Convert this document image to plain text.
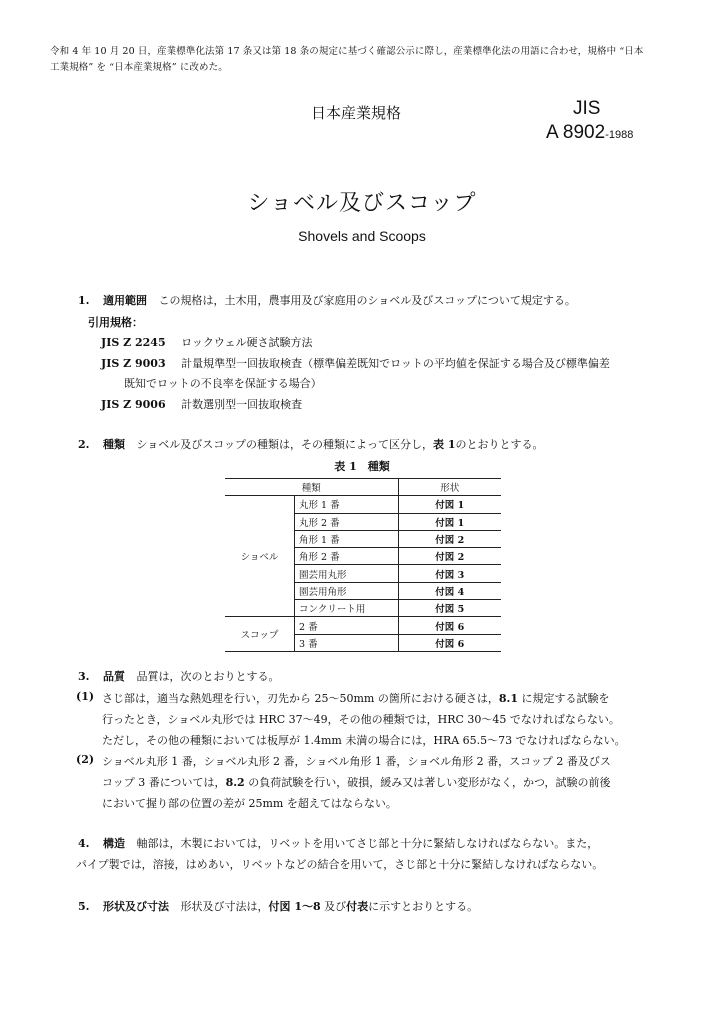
令和 4 年 10 月 20 日，産業標準化法第 17 条又は第 18 条の規定に基づく確認公示に際し，産業標準化法の用語に合わせ，規格中 “日本
工業規格” を “日本産業規格” に改めた。
日本産業規格	JIS
A 8902-1988
ショベル及びスコップ
Shovels and Scoops
1. 適用範囲 この規格は，土木用，農事用及び家庭用のショベル及びスコップについて規定する。
引用規格：
JIS Z 2245 ロックウェル硬さ試験方法
JIS Z 9003 計量規準型一回抜取検査（標準偏差既知でロットの平均値を保証する場合及び標準偏差
既知でロットの不良率を保証する場合）
JIS Z 9006 計数選別型一回抜取検査
2. 種類 ショベル及びスコップの種類は，その種類によって区分し，表 1のとおりとする。
表 1　種類
種類		形状
ショベル	丸形 1 番	付図 1
	丸形 2 番	付図 1
	角形 1 番	付図 2
	角形 2 番	付図 2
	園芸用丸形	付図 3
	園芸用角形	付図 4
	コンクリート用	付図 5
スコップ	2 番	付図 6
	3 番	付図 6
3. 品質 品質は，次のとおりとする。
(1) さじ部は，適当な熱処理を行い，刃先から 25～50mm の箇所における硬さは，8.1 に規定する試験を
行ったとき，ショベル丸形では HRC 37～49，その他の種類では，HRC 30～45 でなければならない。
ただし，その他の種類においては板厚が 1.4mm 未満の場合には，HRA 65.5～73 でなければならない。
(2) ショベル丸形 1 番，ショベル丸形 2 番，ショベル角形 1 番，ショベル角形 2 番，スコップ 2 番及びス
コップ 3 番については，8.2 の負荷試験を行い，破損，緩み又は著しい変形がなく，かつ，試験の前後
において握り部の位置の差が 25mm を超えてはならない。
4. 構造 軸部は，木製においては，リベットを用いてさじ部と十分に緊結しなければならない。また，
パイプ製では，溶接，はめあい，リベットなどの結合を用いて，さじ部と十分に緊結しなければならない。
5. 形状及び寸法 形状及び寸法は，付図 1～8 及び付表に示すとおりとする。
